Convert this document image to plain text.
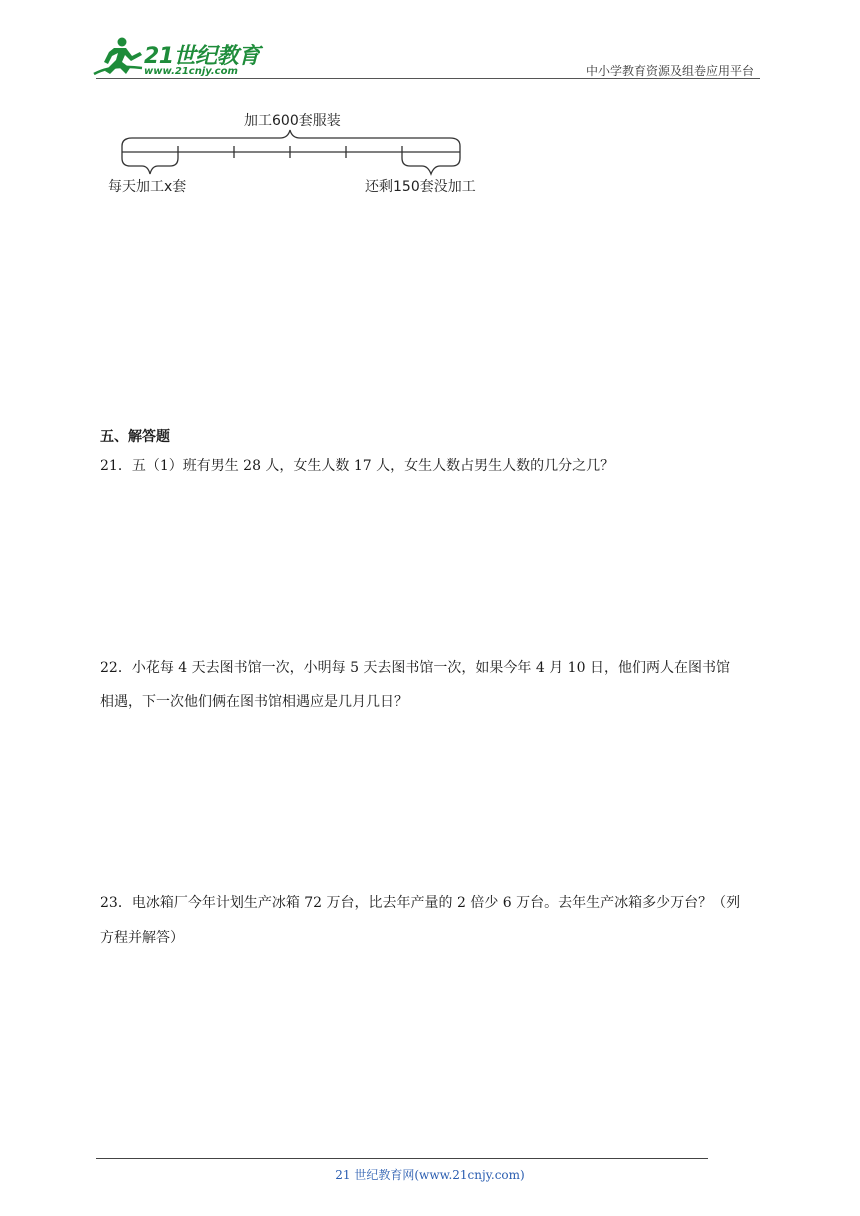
21世纪教育
www.21cnjy.com	中小学教育资源及组卷应用平台
加工600套服装
每天加工x套	还剩150套没加工
五、解答题
21．五（1）班有男生 28 人，女生人数 17 人，女生人数占男生人数的几分之几？
22．小花每 4 天去图书馆一次，小明每 5 天去图书馆一次，如果今年 4 月 10 日，他们两人在图书馆
相遇，下一次他们俩在图书馆相遇应是几月几日？
23．电冰箱厂今年计划生产冰箱 72 万台，比去年产量的 2 倍少 6 万台。去年生产冰箱多少万台？（列
方程并解答）
21 世纪教育网(www.21cnjy.com)
